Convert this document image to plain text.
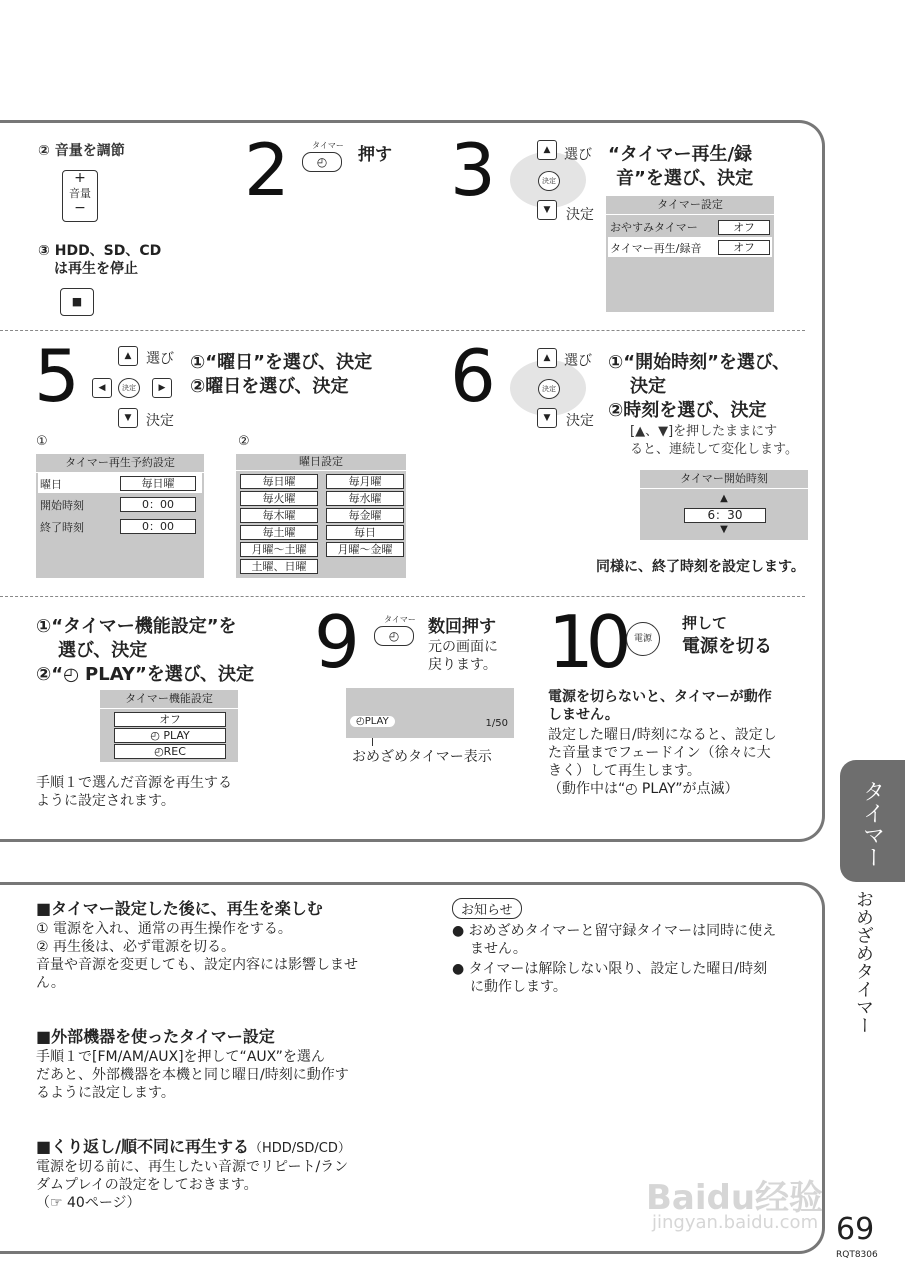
② 音量を調節
+
音量
−
③ HDD、SD、CD
は再生を停止
■
2	タイマー
◴	押す 3	▲
▼
決定
選び
決定
“タイマー再生/録
音”を選び、決定
タイマー設定
おやすみタイマー	オフ
タイマー再生/録音	オフ
5	▲
◀	▶
▼
決定
選び
決定
①“曜日”を選び、決定
②曜日を選び、決定
①	②
タイマー再生予約設定
曜日	毎日曜
開始時刻	0：00
終了時刻	0：00
曜日設定
毎日曜	毎月曜
毎火曜	毎水曜
毎木曜	毎金曜
毎土曜	毎日
月曜〜土曜	月曜〜金曜
土曜、日曜
6	▲
▼
決定
選び
決定
①“開始時刻”を選び、
決定
②時刻を選び、決定
[▲、▼]を押したままにす
ると、連続して変化します。
タイマー開始時刻
▲
6：30
▼
同様に、終了時刻を設定します。
①“タイマー機能設定”を
選び、決定
②“◴ PLAY”を選び、決定
タイマー機能設定
オフ
◴ PLAY
◴REC
手順１で選んだ音源を再生する
ように設定されます。
9	タイマー
◴	数回押す
元の画面に
戻ります。
◴PLAY	1/50
おめざめタイマー表示
10	電源
押して
電源を切る
電源を切らないと、タイマーが動作
しません。
設定した曜日/時刻になると、設定し
た音量までフェードイン（徐々に大
きく）して再生します。
（動作中は“◴ PLAY”が点滅）
■タイマー設定した後に、再生を楽しむ
① 電源を入れ、通常の再生操作をする。
② 再生後は、必ず電源を切る。
音量や音源を変更しても、設定内容には影響しませ
ん。
■外部機器を使ったタイマー設定
手順１で[FM/AM/AUX]を押して“AUX”を選ん
だあと、外部機器を本機と同じ曜日/時刻に動作す
るように設定します。
■くり返し/順不同に再生する（HDD/SD/CD）
電源を切る前に、再生したい音源でリピート/ラン
ダムプレイの設定をしておきます。
（☞ 40ページ）
お知らせ
● おめざめタイマーと留守録タイマーは同時に使え
ません。
● タイマーは解除しない限り、設定した曜日/時刻
に動作します。
タイマー
おめざめタイマー
69
RQT8306
Baidu经验
jingyan.baidu.com
